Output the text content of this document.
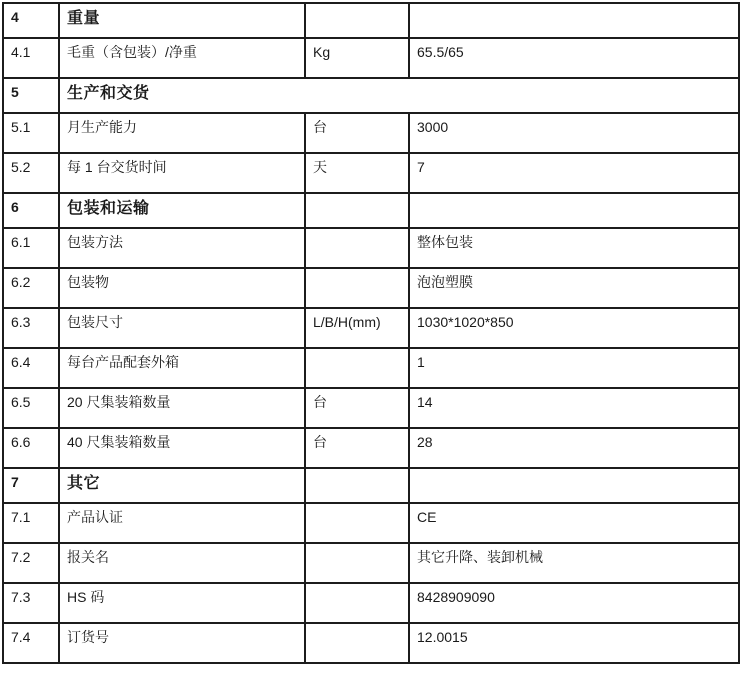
4	重量		
4.1	毛重（含包装）/净重	Kg	65.5/65
5	生产和交货		
5.1	月生产能力	台	3000
5.2	每 1 台交货时间	天	7
6	包装和运输		
6.1	包装方法		整体包装
6.2	包装物		泡泡塑膜
6.3	包装尺寸	L/B/H(mm)	1030*1020*850
6.4	每台产品配套外箱		1
6.5	20 尺集装箱数量	台	14
6.6	40 尺集装箱数量	台	28
7	其它		
7.1	产品认证		CE
7.2	报关名		其它升降、装卸机械
7.3	HS 码		8428909090
7.4	订货号		12.0015
